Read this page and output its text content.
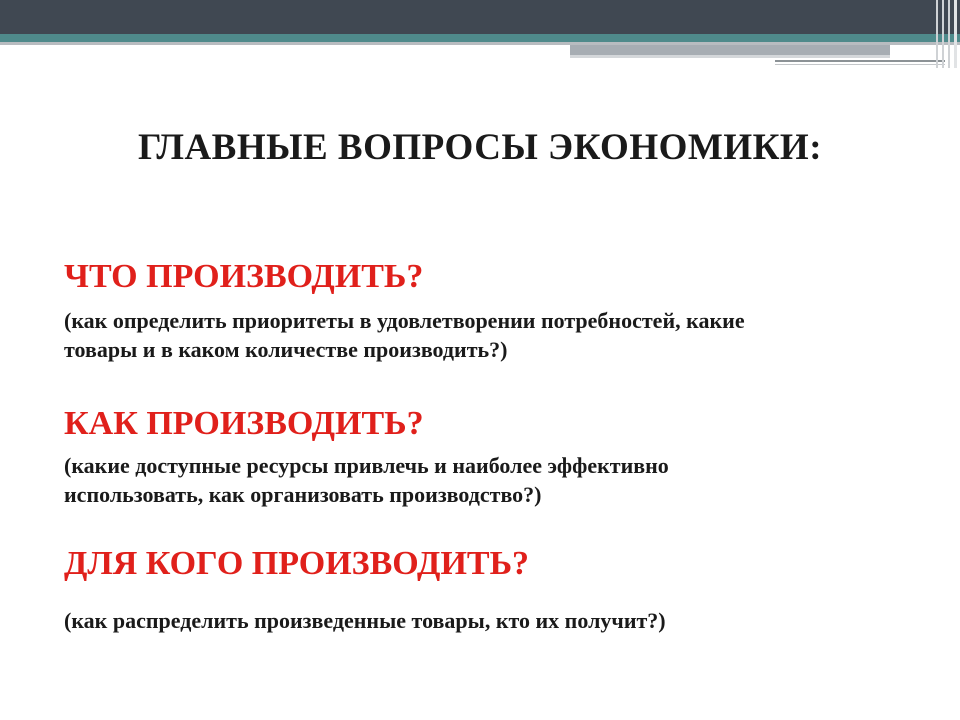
ГЛАВНЫЕ ВОПРОСЫ ЭКОНОМИКИ:

ЧТО ПРОИЗВОДИТЬ?

(как определить приоритеты в удовлетворении потребностей, какие товары и в каком количестве производить?)

КАК ПРОИЗВОДИТЬ?

(какие доступные ресурсы привлечь и наиболее эффективно использовать, как организовать производство?)

ДЛЯ КОГО ПРОИЗВОДИТЬ?

(как распределить произведенные товары, кто их получит?)
